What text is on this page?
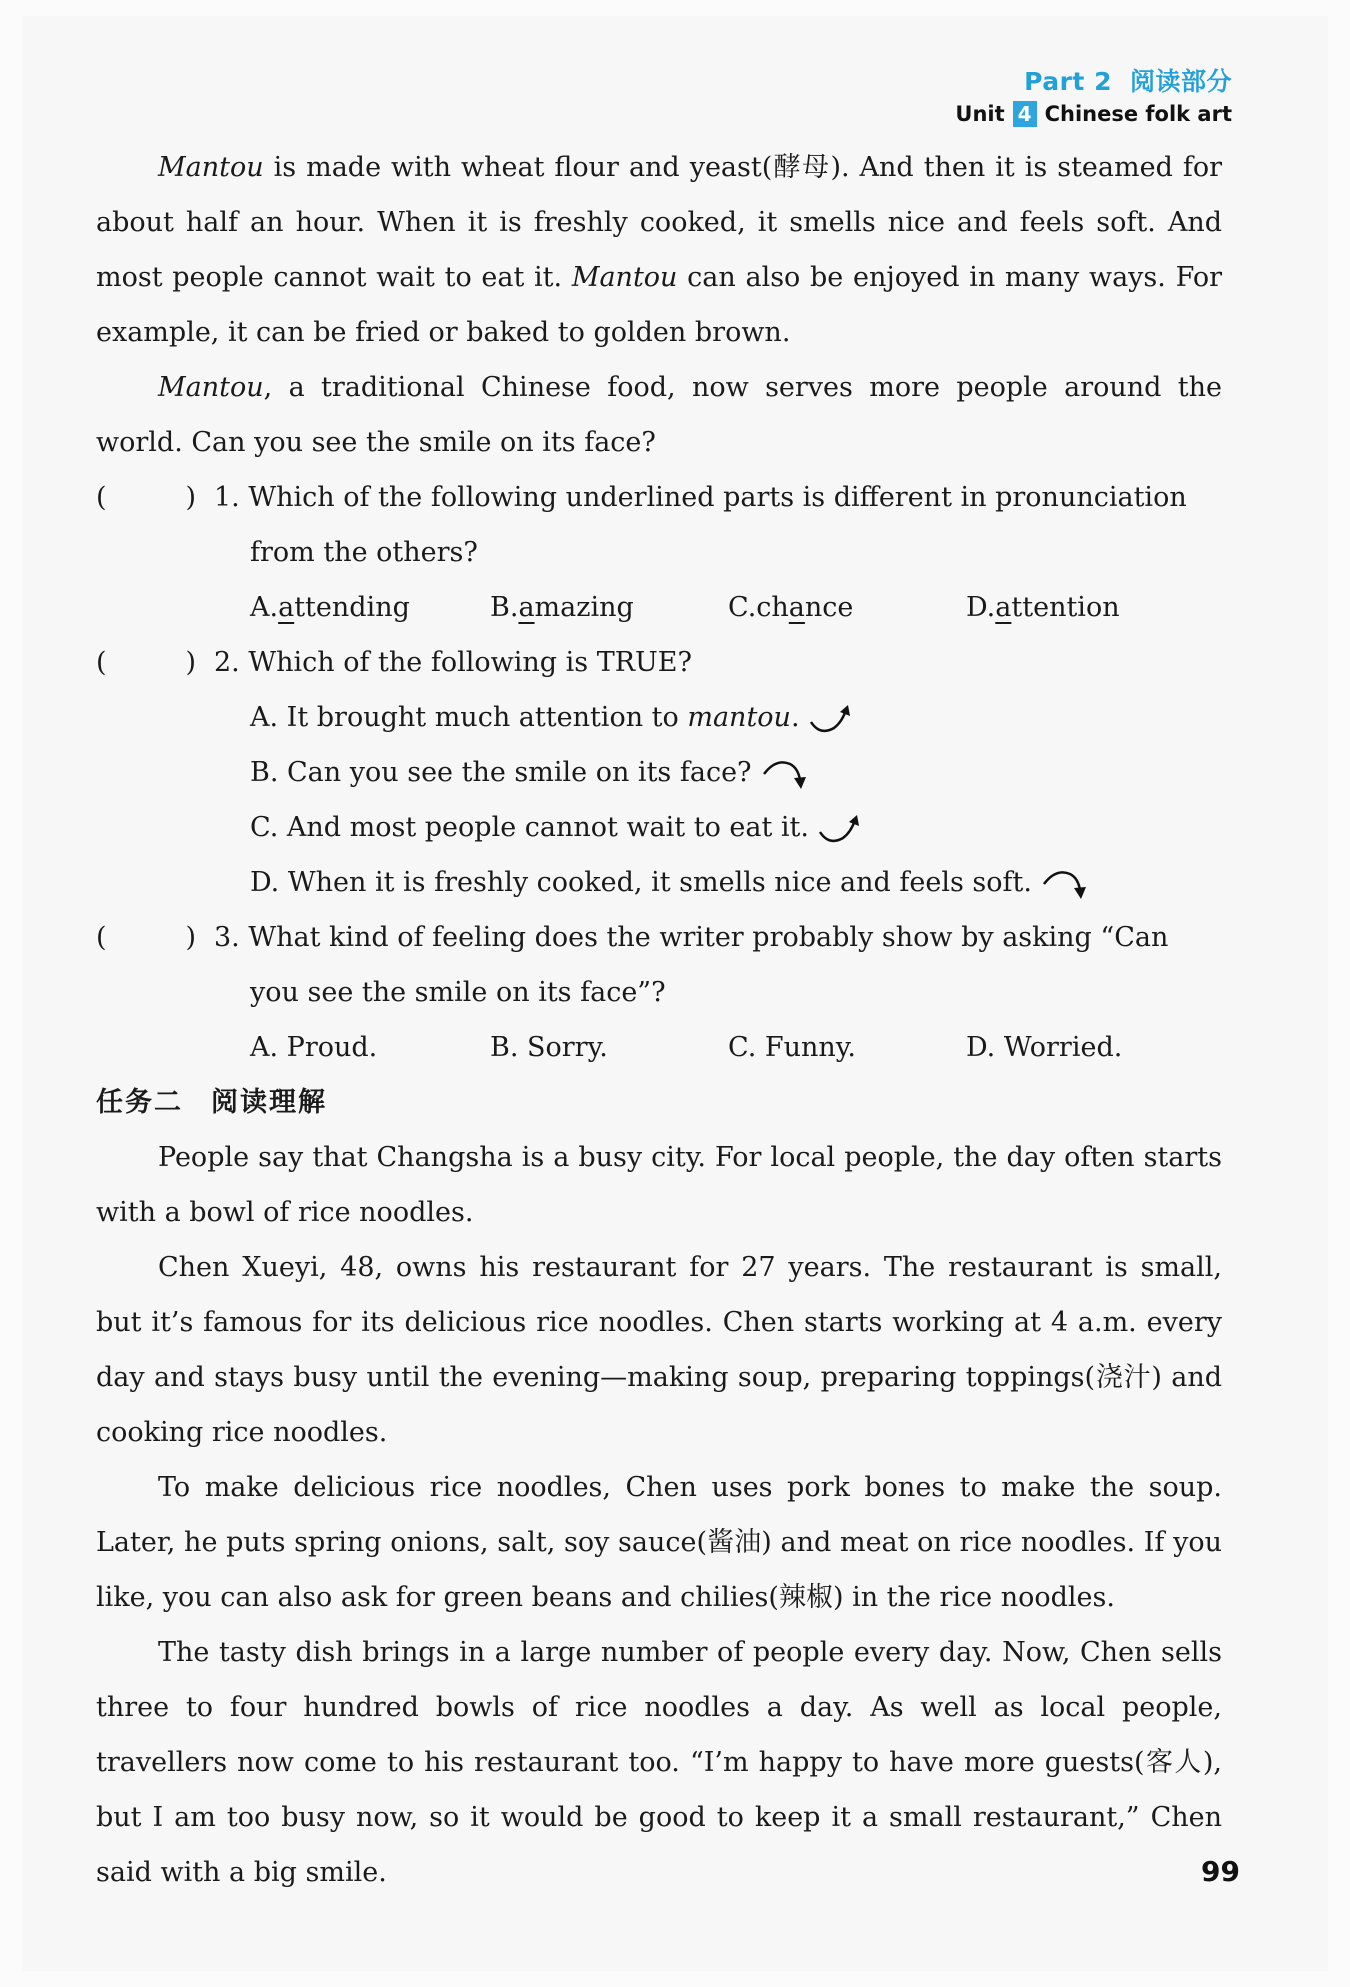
Part 2 阅读部分
Unit 4 Chinese folk art

Mantou is made with wheat flour and yeast(酵母). And then it is steamed for about half an hour. When it is freshly cooked, it smells nice and feels soft. And most people cannot wait to eat it. Mantou can also be enjoyed in many ways. For example, it can be fried or baked to golden brown.

Mantou, a traditional Chinese food, now serves more people around the world. Can you see the smile on its face?

(	) 1. Which of the following underlined parts is different in pronunciation from the others?
A.attending	B.amazing	C.chance	D.attention
(	) 2. Which of the following is TRUE?

A. It brought much attention to mantou.

B. Can you see the smile on its face?

C. And most people cannot wait to eat it.

D. When it is freshly cooked, it smells nice and feels soft.

(	) 3. What kind of feeling does the writer probably show by asking “Can you see the smile on its face”?
A. Proud.	B. Sorry.	C. Funny.	D. Worried.

任务二 阅读理解

People say that Changsha is a busy city. For local people, the day often starts with a bowl of rice noodles.

Chen Xueyi, 48, owns his restaurant for 27 years. The restaurant is small, but it’s famous for its delicious rice noodles. Chen starts working at 4 a.m. every day and stays busy until the evening—making soup, preparing toppings(浇汁) and cooking rice noodles.

To make delicious rice noodles, Chen uses pork bones to make the soup. Later, he puts spring onions, salt, soy sauce(酱油) and meat on rice noodles. If you like, you can also ask for green beans and chilies(辣椒) in the rice noodles.

The tasty dish brings in a large number of people every day. Now, Chen sells three to four hundred bowls of rice noodles a day. As well as local people, travellers now come to his restaurant too. “I’m happy to have more guests(客人), but I am too busy now, so it would be good to keep it a small restaurant,” Chen said with a big smile.	99
